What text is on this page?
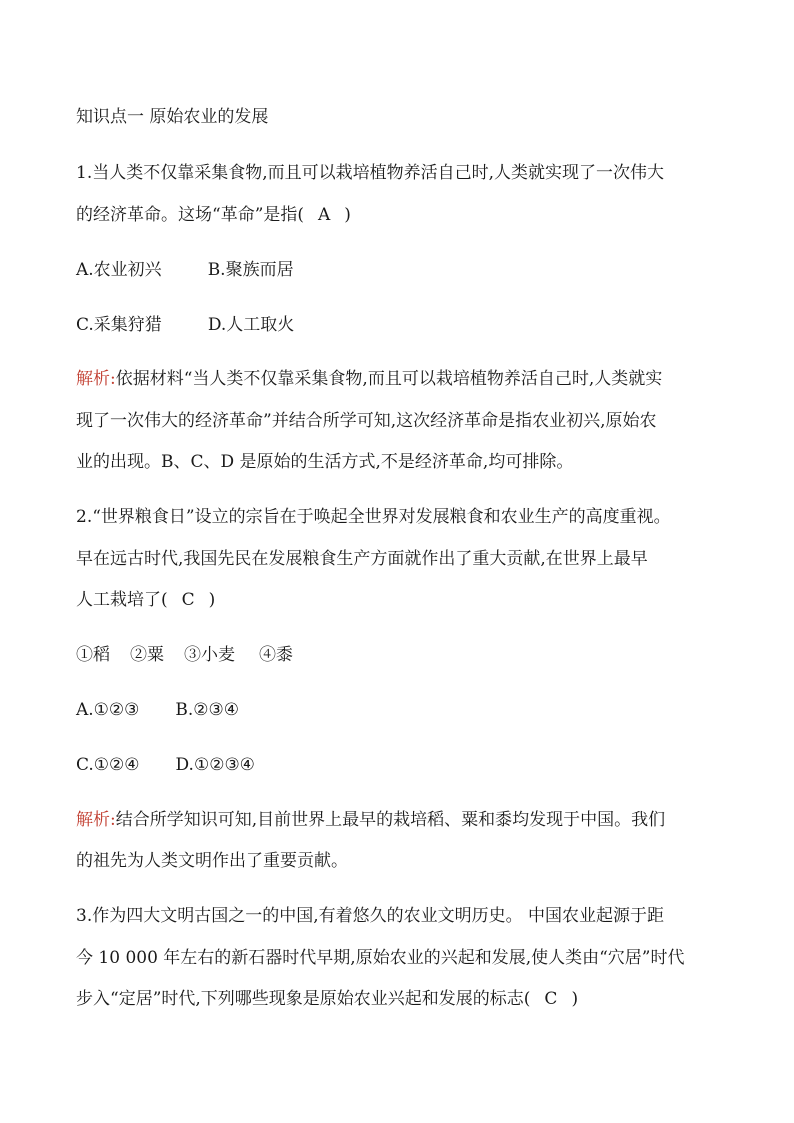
知识点一 原始农业的发展
1.当人类不仅靠采集食物,而且可以栽培植物养活自己时,人类就实现了一次伟大
的经济革命。这场“革命”是指( A )
A.农业初兴	B.聚族而居
C.采集狩猎	D.人工取火
解析:依据材料“当人类不仅靠采集食物,而且可以栽培植物养活自己时,人类就实
现了一次伟大的经济革命”并结合所学可知,这次经济革命是指农业初兴,原始农
业的出现。B、C、D 是原始的生活方式,不是经济革命,均可排除。
2.“世界粮食日”设立的宗旨在于唤起全世界对发展粮食和农业生产的高度重视。
早在远古时代,我国先民在发展粮食生产方面就作出了重大贡献,在世界上最早
人工栽培了( C )
①稻 ②粟 ③小麦 ④黍
A.①②③ B.②③④
C.①②④ D.①②③④
解析:结合所学知识可知,目前世界上最早的栽培稻、粟和黍均发现于中国。我们
的祖先为人类文明作出了重要贡献。
3.作为四大文明古国之一的中国,有着悠久的农业文明历史。 中国农业起源于距
今 10 000 年左右的新石器时代早期,原始农业的兴起和发展,使人类由“穴居”时代
步入“定居”时代,下列哪些现象是原始农业兴起和发展的标志( C )
